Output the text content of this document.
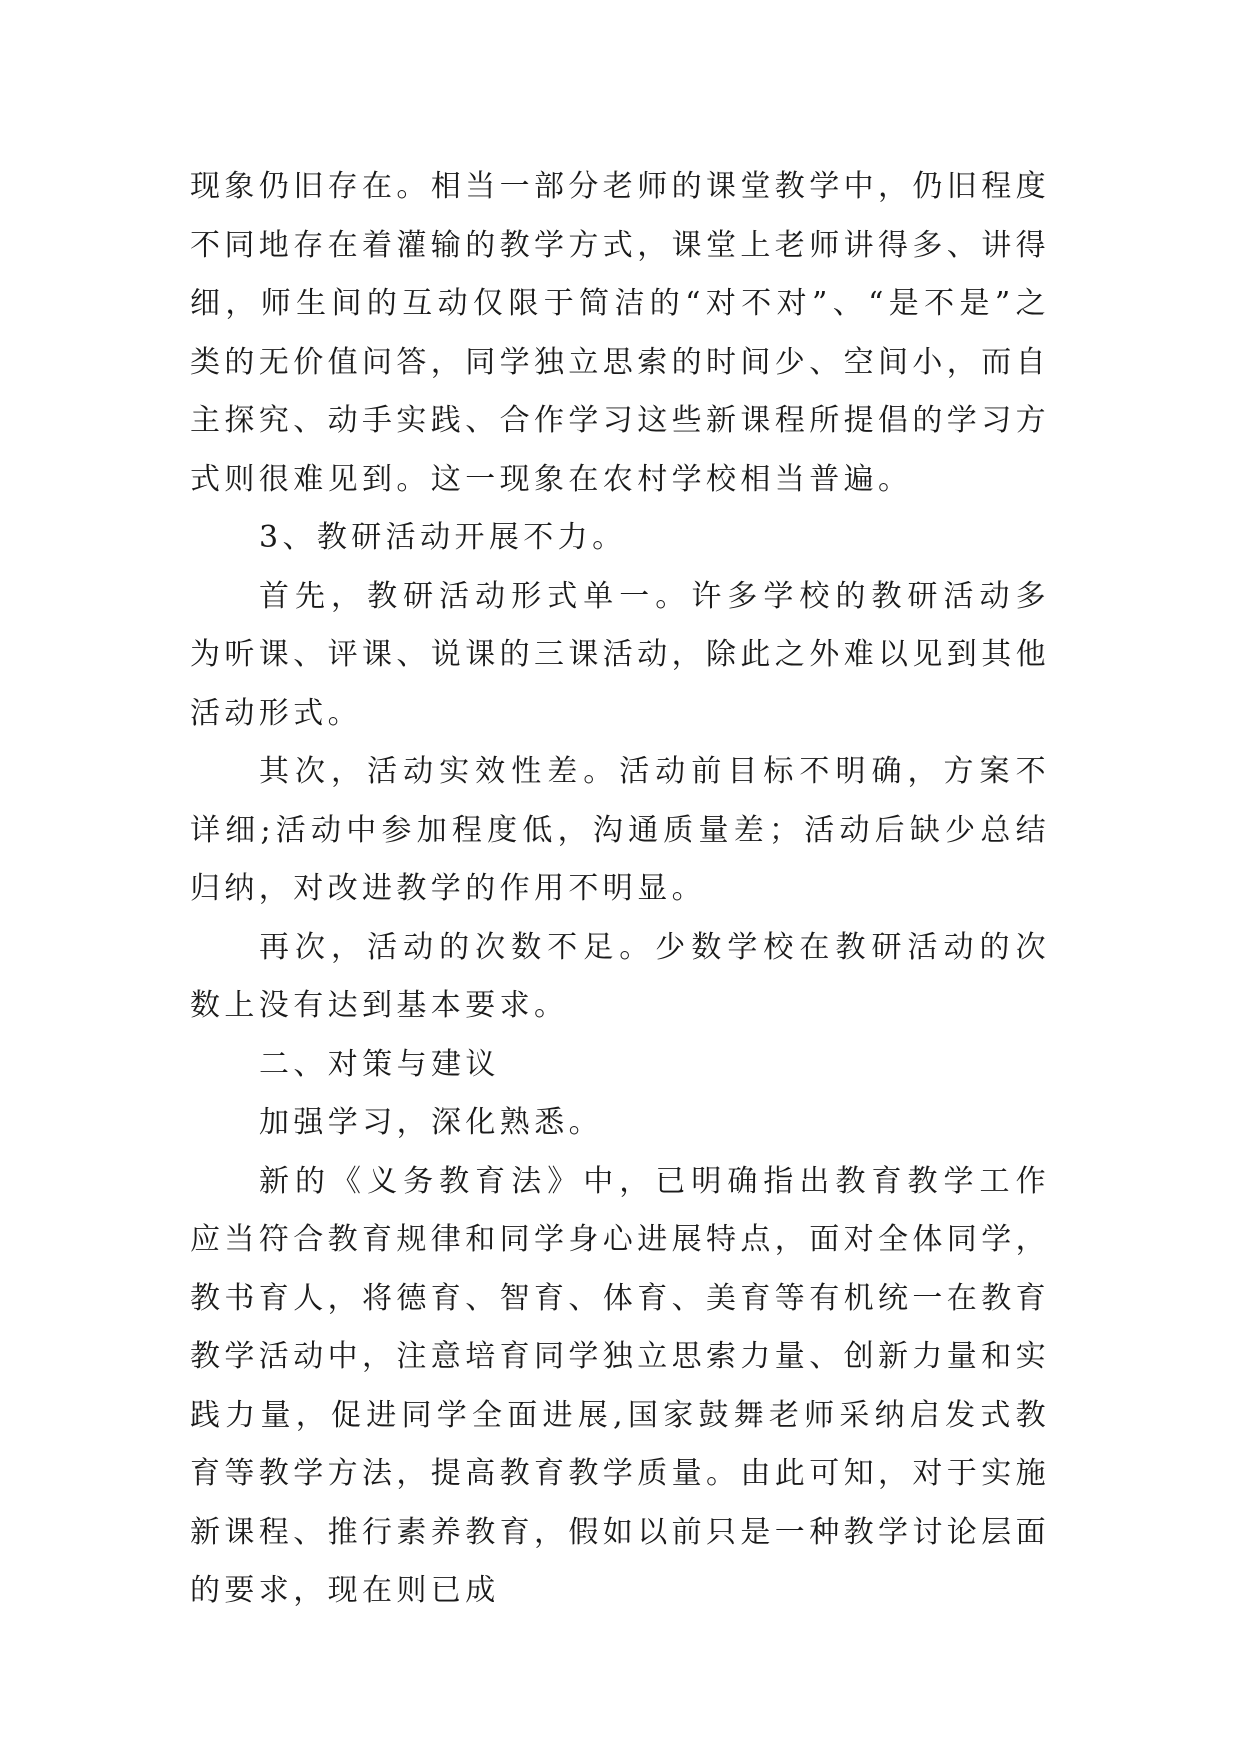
现象仍旧存在。相当一部分老师的课堂教学中，仍旧程度不同地存在着灌输的教学方式，课堂上老师讲得多、讲得细，师生间的互动仅限于简洁的“对不对”、“是不是”之类的无价值问答，同学独立思索的时间少、空间小，而自主探究、动手实践、合作学习这些新课程所提倡的学习方式则很难见到。这一现象在农村学校相当普遍。

3、教研活动开展不力。

首先，教研活动形式单一。许多学校的教研活动多为听课、评课、说课的三课活动，除此之外难以见到其他活动形式。

其次，活动实效性差。活动前目标不明确，方案不详细;活动中参加程度低，沟通质量差；活动后缺少总结归纳，对改进教学的作用不明显。

再次，活动的次数不足。少数学校在教研活动的次数上没有达到基本要求。

二、对策与建议

加强学习，深化熟悉。

新的《义务教育法》中，已明确指出教育教学工作应当符合教育规律和同学身心进展特点，面对全体同学，教书育人，将德育、智育、体育、美育等有机统一在教育教学活动中，注意培育同学独立思索力量、创新力量和实践力量，促进同学全面进展,国家鼓舞老师采纳启发式教育等教学方法，提高教育教学质量。由此可知，对于实施新课程、推行素养教育，假如以前只是一种教学讨论层面的要求，现在则已成
